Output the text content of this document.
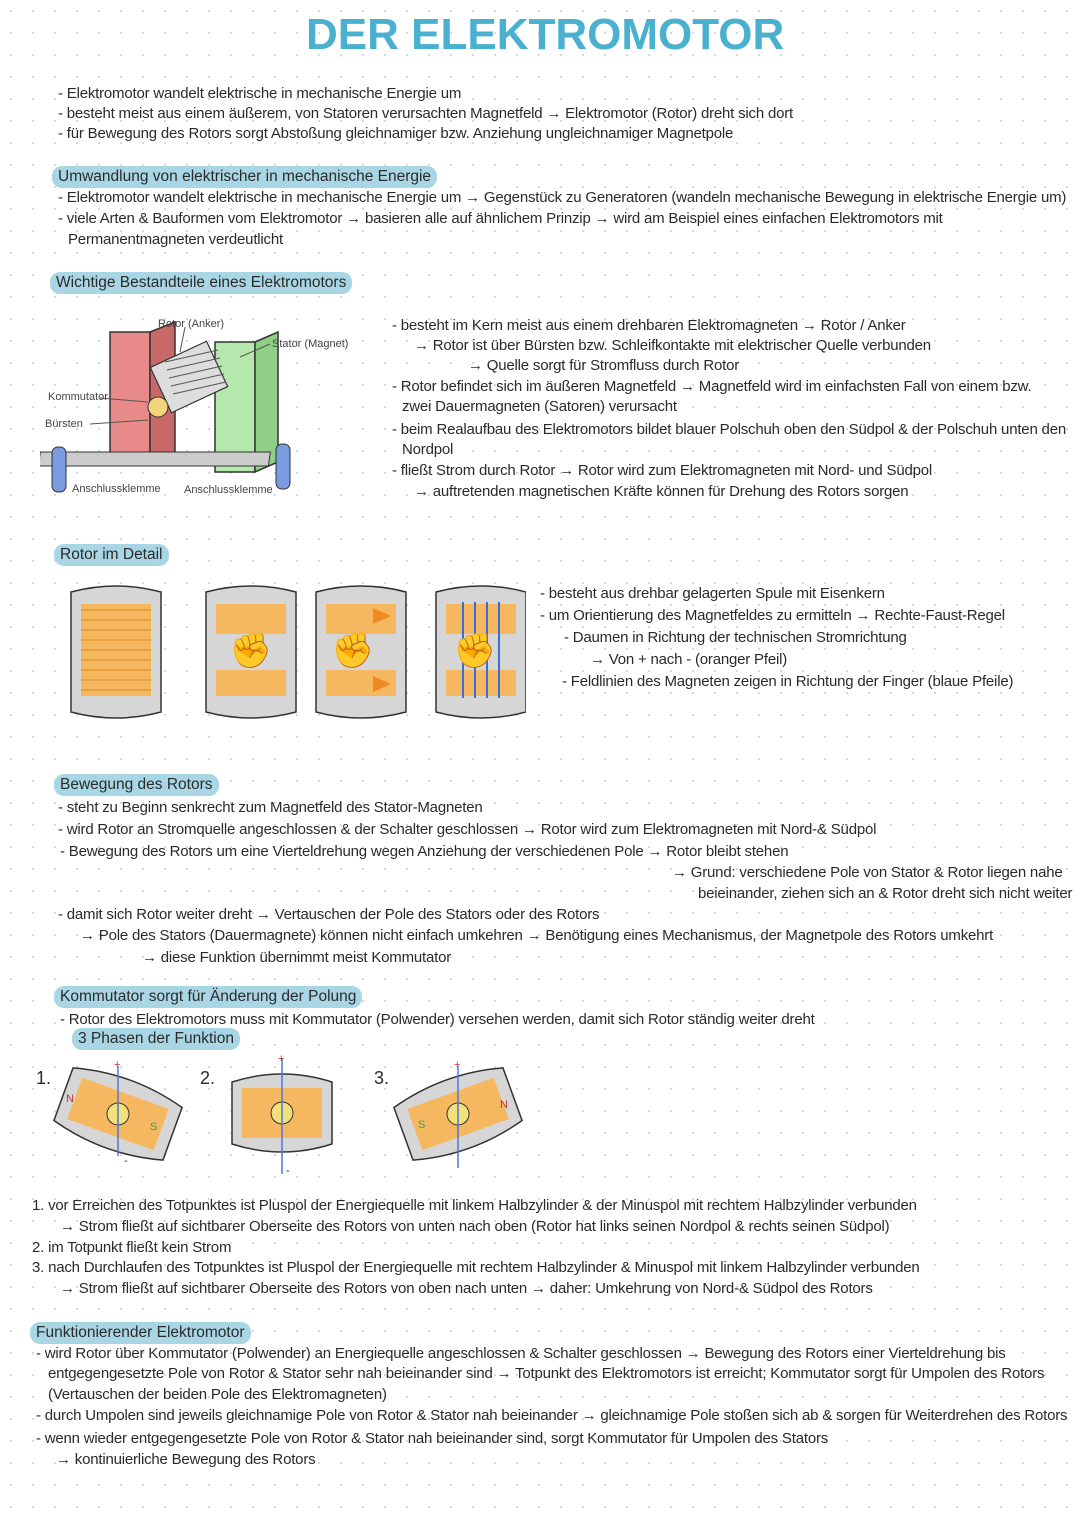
DER ELEKTROMOTOR
- Elektromotor wandelt elektrische in mechanische Energie um
- besteht meist aus einem äußerem, von Statoren verursachten Magnetfeld → Elektromotor (Rotor) dreht sich dort
- für Bewegung des Rotors sorgt Abstoßung gleichnamiger bzw. Anziehung ungleichnamiger Magnetpole
Umwandlung von elektrischer in mechanische Energie
- Elektromotor wandelt elektrische in mechanische Energie um → Gegenstück zu Generatoren (wandeln mechanische Bewegung in elektrische Energie um)
- viele Arten & Bauformen vom Elektromotor → basieren alle auf ähnlichem Prinzip → wird am Beispiel eines einfachen Elektromotors mit
Permanentmagneten verdeutlicht
Wichtige Bestandteile eines Elektromotors
Rotor (Anker)
Stator (Magnet)
Kommutator
Bürsten
Anschlussklemme Anschlussklemme
- besteht im Kern meist aus einem drehbaren Elektromagneten → Rotor / Anker
→ Rotor ist über Bürsten bzw. Schleifkontakte mit elektrischer Quelle verbunden
→ Quelle sorgt für Stromfluss durch Rotor
- Rotor befindet sich im äußeren Magnetfeld → Magnetfeld wird im einfachsten Fall von einem bzw.
zwei Dauermagneten (Satoren) verursacht
- beim Realaufbau des Elektromotors bildet blauer Polschuh oben den Südpol & der Polschuh unten den
Nordpol
- fließt Strom durch Rotor → Rotor wird zum Elektromagneten mit Nord- und Südpol
→ auftretenden magnetischen Kräfte können für Drehung des Rotors sorgen
Rotor im Detail
✊ ✊ ✊
- besteht aus drehbar gelagerten Spule mit Eisenkern
- um Orientierung des Magnetfeldes zu ermitteln → Rechte-Faust-Regel
- Daumen in Richtung der technischen Stromrichtung
→ Von + nach - (oranger Pfeil)
- Feldlinien des Magneten zeigen in Richtung der Finger (blaue Pfeile)
Bewegung des Rotors
- steht zu Beginn senkrecht zum Magnetfeld des Stator-Magneten
- wird Rotor an Stromquelle angeschlossen & der Schalter geschlossen → Rotor wird zum Elektromagneten mit Nord-& Südpol
- Bewegung des Rotors um eine Vierteldrehung wegen Anziehung der verschiedenen Pole → Rotor bleibt stehen
→ Grund: verschiedene Pole von Stator & Rotor liegen nahe
beieinander, ziehen sich an & Rotor dreht sich nicht weiter
- damit sich Rotor weiter dreht → Vertauschen der Pole des Stators oder des Rotors
→ Pole des Stators (Dauermagnete) können nicht einfach umkehren → Benötigung eines Mechanismus, der Magnetpole des Rotors umkehrt
→ diese Funktion übernimmt meist Kommutator
Kommutator sorgt für Änderung der Polung
- Rotor des Elektromotors muss mit Kommutator (Polwender) versehen werden, damit sich Rotor ständig weiter dreht
3 Phasen der Funktion
1.	2.	3.
N
S
+
-
+
-
S
N
+
1. vor Erreichen des Totpunktes ist Pluspol der Energiequelle mit linkem Halbzylinder & der Minuspol mit rechtem Halbzylinder verbunden
→ Strom fließt auf sichtbarer Oberseite des Rotors von unten nach oben (Rotor hat links seinen Nordpol & rechts seinen Südpol)
2. im Totpunkt fließt kein Strom
3. nach Durchlaufen des Totpunktes ist Pluspol der Energiequelle mit rechtem Halbzylinder & Minuspol mit linkem Halbzylinder verbunden
→ Strom fließt auf sichtbarer Oberseite des Rotors von oben nach unten → daher: Umkehrung von Nord-& Südpol des Rotors
Funktionierender Elektromotor
- wird Rotor über Kommutator (Polwender) an Energiequelle angeschlossen & Schalter geschlossen → Bewegung des Rotors einer Vierteldrehung bis
entgegengesetzte Pole von Rotor & Stator sehr nah beieinander sind → Totpunkt des Elektromotors ist erreicht; Kommutator sorgt für Umpolen des Rotors
(Vertauschen der beiden Pole des Elektromagneten)
- durch Umpolen sind jeweils gleichnamige Pole von Rotor & Stator nah beieinander → gleichnamige Pole stoßen sich ab & sorgen für Weiterdrehen des Rotors
- wenn wieder entgegengesetzte Pole von Rotor & Stator nah beieinander sind, sorgt Kommutator für Umpolen des Stators
→ kontinuierliche Bewegung des Rotors
